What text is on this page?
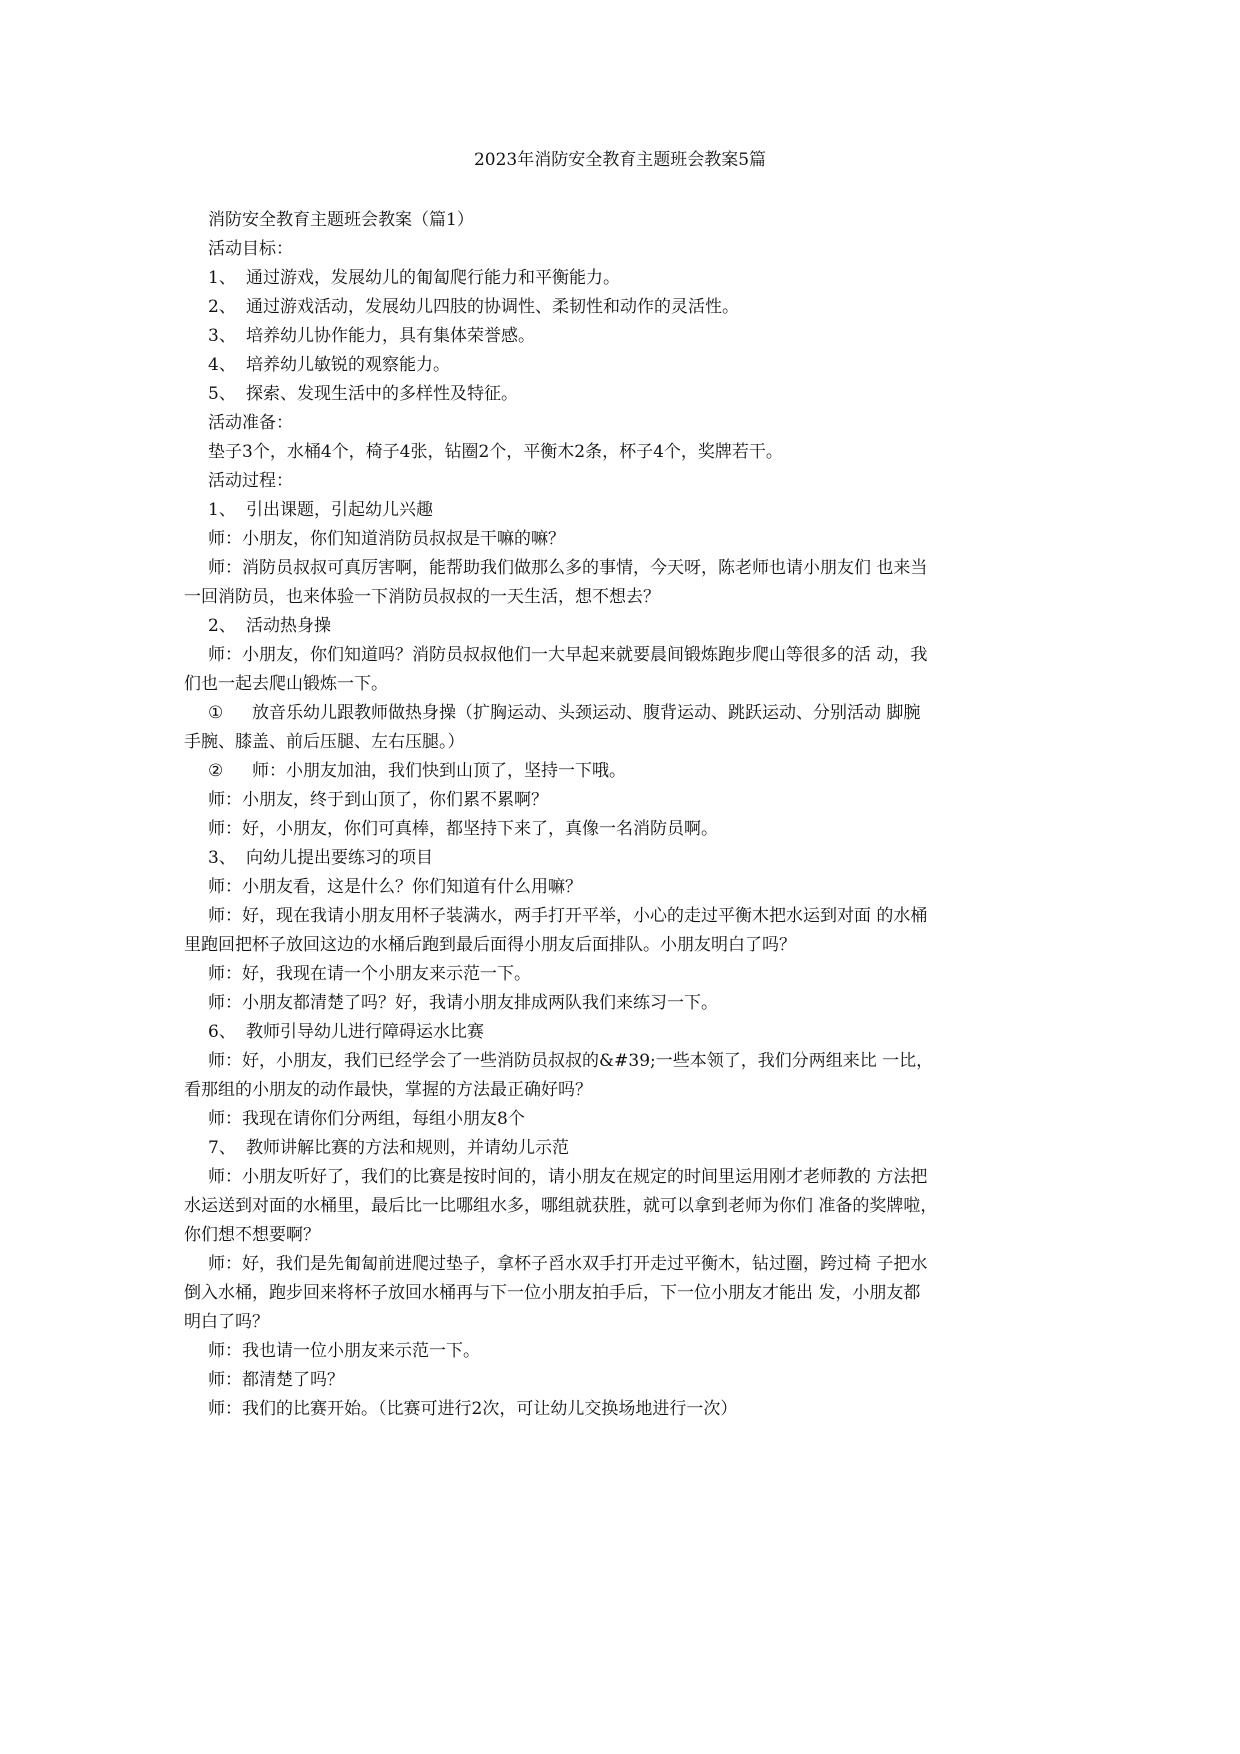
2023年消防安全教育主题班会教案5篇
消防安全教育主题班会教案（篇1）
活动目标：
1、 通过游戏，发展幼儿的匍匐爬行能力和平衡能力。
2、 通过游戏活动，发展幼儿四肢的协调性、柔韧性和动作的灵活性。
3、 培养幼儿协作能力，具有集体荣誉感。
4、 培养幼儿敏锐的观察能力。
5、 探索、发现生活中的多样性及特征。
活动准备：
垫子3个，水桶4个，椅子4张，钻圈2个，平衡木2条，杯子4个，奖牌若干。
活动过程：
1、 引出课题，引起幼儿兴趣
师：小朋友，你们知道消防员叔叔是干嘛的嘛？
师：消防员叔叔可真厉害啊，能帮助我们做那么多的事情，今天呀，陈老师也请小朋友们 也来当
一回消防员，也来体验一下消防员叔叔的一天生活，想不想去？
2、 活动热身操
师：小朋友，你们知道吗？消防员叔叔他们一大早起来就要晨间锻炼跑步爬山等很多的活 动，我
们也一起去爬山锻炼一下。
① 放音乐幼儿跟教师做热身操（扩胸运动、头颈运动、腹背运动、跳跃运动、分别活动 脚腕
手腕、膝盖、前后压腿、左右压腿。）
② 师：小朋友加油，我们快到山顶了，坚持一下哦。
师：小朋友，终于到山顶了，你们累不累啊？
师：好，小朋友，你们可真棒，都坚持下来了，真像一名消防员啊。
3、 向幼儿提出要练习的项目
师：小朋友看，这是什么？你们知道有什么用嘛？
师：好，现在我请小朋友用杯子装满水，两手打开平举，小心的走过平衡木把水运到对面 的水桶
里跑回把杯子放回这边的水桶后跑到最后面得小朋友后面排队。小朋友明白了吗？
师：好，我现在请一个小朋友来示范一下。
师：小朋友都清楚了吗？好，我请小朋友排成两队我们来练习一下。
6、 教师引导幼儿进行障碍运水比赛
师：好，小朋友，我们已经学会了一些消防员叔叔的&#39;一些本领了，我们分两组来比 一比，
看那组的小朋友的动作最快，掌握的方法最正确好吗？
师：我现在请你们分两组，每组小朋友8个
7、 教师讲解比赛的方法和规则，并请幼儿示范
师：小朋友听好了，我们的比赛是按时间的，请小朋友在规定的时间里运用刚才老师教的 方法把
水运送到对面的水桶里，最后比一比哪组水多，哪组就获胜，就可以拿到老师为你们 准备的奖牌啦，
你们想不想要啊？
师：好，我们是先匍匐前进爬过垫子，拿杯子舀水双手打开走过平衡木，钻过圈，跨过椅 子把水
倒入水桶，跑步回来将杯子放回水桶再与下一位小朋友拍手后，下一位小朋友才能出 发，小朋友都
明白了吗？
师：我也请一位小朋友来示范一下。
师：都清楚了吗？
师：我们的比赛开始。（比赛可进行2次，可让幼儿交换场地进行一次）
